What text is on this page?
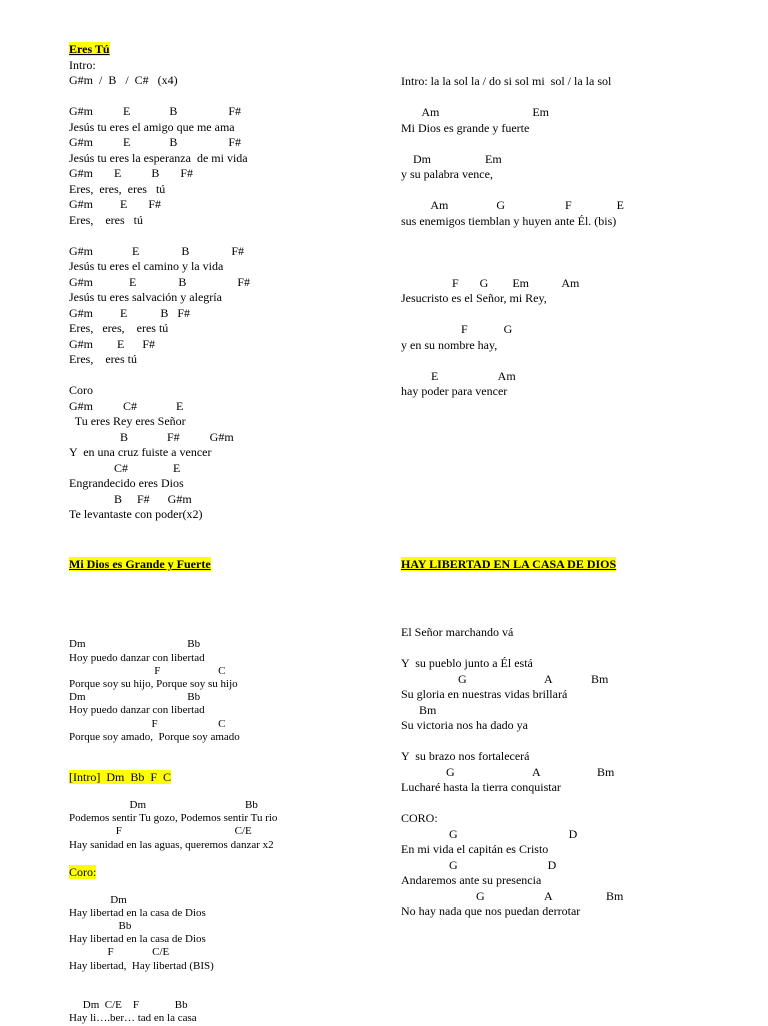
Eres Tú
Intro:
G#m  /  B   /  C#   (x4)
G#m          E             B                 F#
Jesús tu eres el amigo que me ama
G#m          E             B                 F#
Jesús tu eres la esperanza  de mi vida
G#m       E          B       F#
Eres,  eres,  eres   tú
G#m         E       F#
Eres,    eres   tú
G#m             E              B              F#
Jesús tu eres el camino y la vida
G#m            E              B                 F#
Jesús tu eres salvación y alegría
G#m         E           B   F#
Eres,   eres,    eres tú
G#m        E      F#
Eres,    eres tú
Coro
G#m          C#             E
Tu eres Rey eres Señor
B             F#          G#m
Y  en una cruz fuiste a vencer
C#               E
Engrandecido eres Dios
B     F#      G#m
Te levantaste con poder(x2)
Intro: la la sol la / do si sol mi  sol / la la sol
Am                               Em
Mi Dios es grande y fuerte
Dm                  Em
y su palabra vence,
Am                G                    F               E
sus enemigos tiemblan y huyen ante Él. (bis)
F       G        Em           Am
Jesucristo es el Señor, mi Rey,
F            G
y en su nombre hay,
E                    Am
hay poder para vencer
Mi Dios es Grande y Fuerte
Dm                                     Bb
Hoy puedo danzar con libertad
F                     C
Porque soy su hijo, Porque soy su hijo
Dm                                     Bb
Hoy puedo danzar con libertad
F                      C
Porque soy amado,  Porque soy amado
[Intro]  Dm  Bb  F  C
Dm                                    Bb
Podemos sentir Tu gozo, Podemos sentir Tu rio
F                                         C/E
Hay sanidad en las aguas, queremos danzar x2
Coro:
Dm
Hay libertad en la casa de Dios
Bb
Hay libertad en la casa de Dios
F              C/E
Hay libertad,  Hay libertad (BIS)
Dm  C/E    F             Bb
Hay li….ber… tad en la casa
HAY LIBERTAD EN LA CASA DE DIOS
El Señor marchando vá
Y  su pueblo junto a Él está
G                          A             Bm
Su gloria en nuestras vidas brillará
Bm
Su victoria nos ha dado ya
Y  su brazo nos fortalecerá
G                          A                   Bm
Lucharé hasta la tierra conquistar
CORO:
G                                     D
En mi vida el capitán es Cristo
G                              D
Andaremos ante su presencia
G                    A                  Bm
No hay nada que nos puedan derrotar
